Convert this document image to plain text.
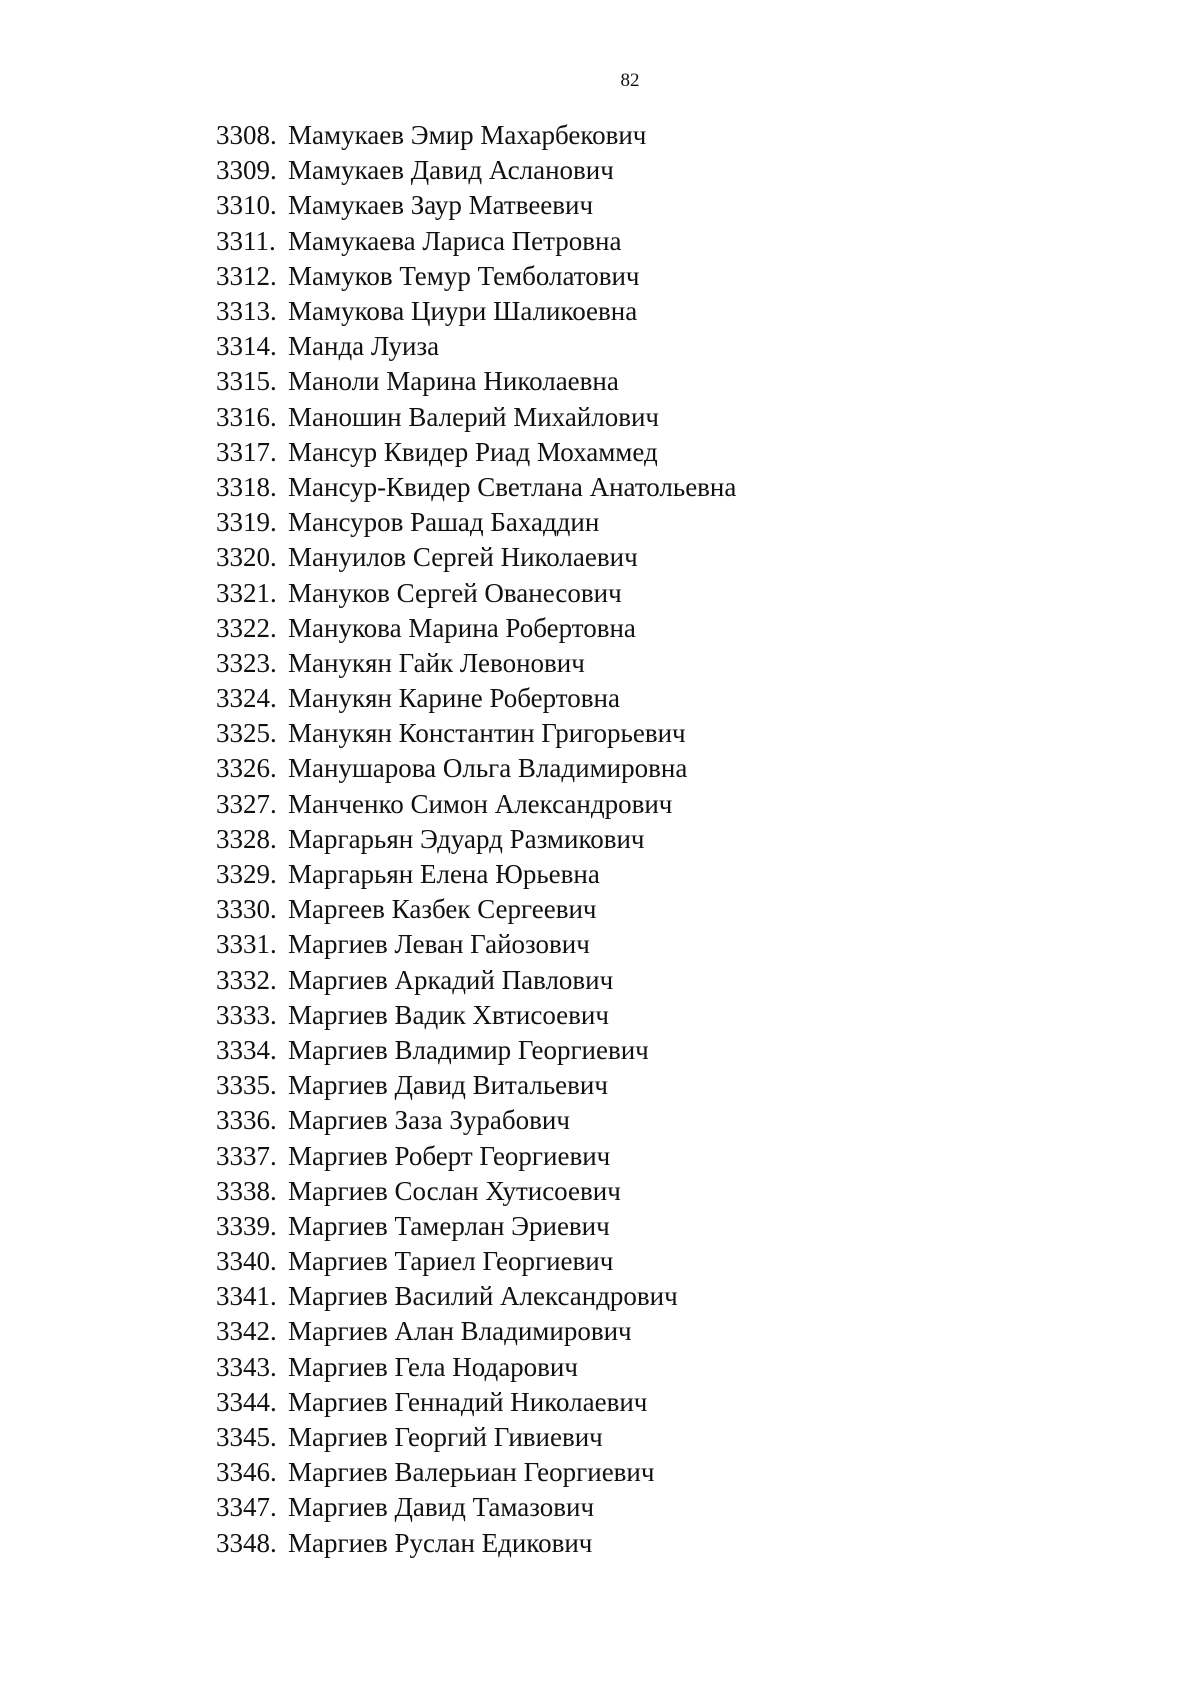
82
3308. Мамукаев Эмир Махарбекович
3309. Мамукаев Давид Асланович
3310. Мамукаев Заур Матвеевич
3311. Мамукаева Лариса Петровна
3312. Мамуков Темур Темболатович
3313. Мамукова Циури Шаликоевна
3314. Манда Луиза
3315. Маноли Марина Николаевна
3316. Маношин Валерий Михайлович
3317. Мансур Квидер Риад Мохаммед
3318. Мансур-Квидер Светлана Анатольевна
3319. Мансуров Рашад Бахаддин
3320. Мануилов Сергей Николаевич
3321. Мануков Сергей Ованесович
3322. Манукова Марина Робертовна
3323. Манукян Гайк Левонович
3324. Манукян Карине Робертовна
3325. Манукян Константин Григорьевич
3326. Манушарова Ольга Владимировна
3327. Манченко Симон Александрович
3328. Маргарьян Эдуард Размикович
3329. Маргарьян Елена Юрьевна
3330. Маргеев Казбек Сергеевич
3331. Маргиев Леван Гайозович
3332. Маргиев Аркадий Павлович
3333. Маргиев Вадик Хвтисоевич
3334. Маргиев Владимир Георгиевич
3335. Маргиев Давид Витальевич
3336. Маргиев Заза Зурабович
3337. Маргиев Роберт Георгиевич
3338. Маргиев Сослан Хутисоевич
3339. Маргиев Тамерлан Эриевич
3340. Маргиев Тариел Георгиевич
3341. Маргиев Василий Александрович
3342. Маргиев Алан Владимирович
3343. Маргиев Гела Нодарович
3344. Маргиев Геннадий Николаевич
3345. Маргиев Георгий Гивиевич
3346. Маргиев Валерьиан Георгиевич
3347. Маргиев Давид Тамазович
3348. Маргиев Руслан Едикович
